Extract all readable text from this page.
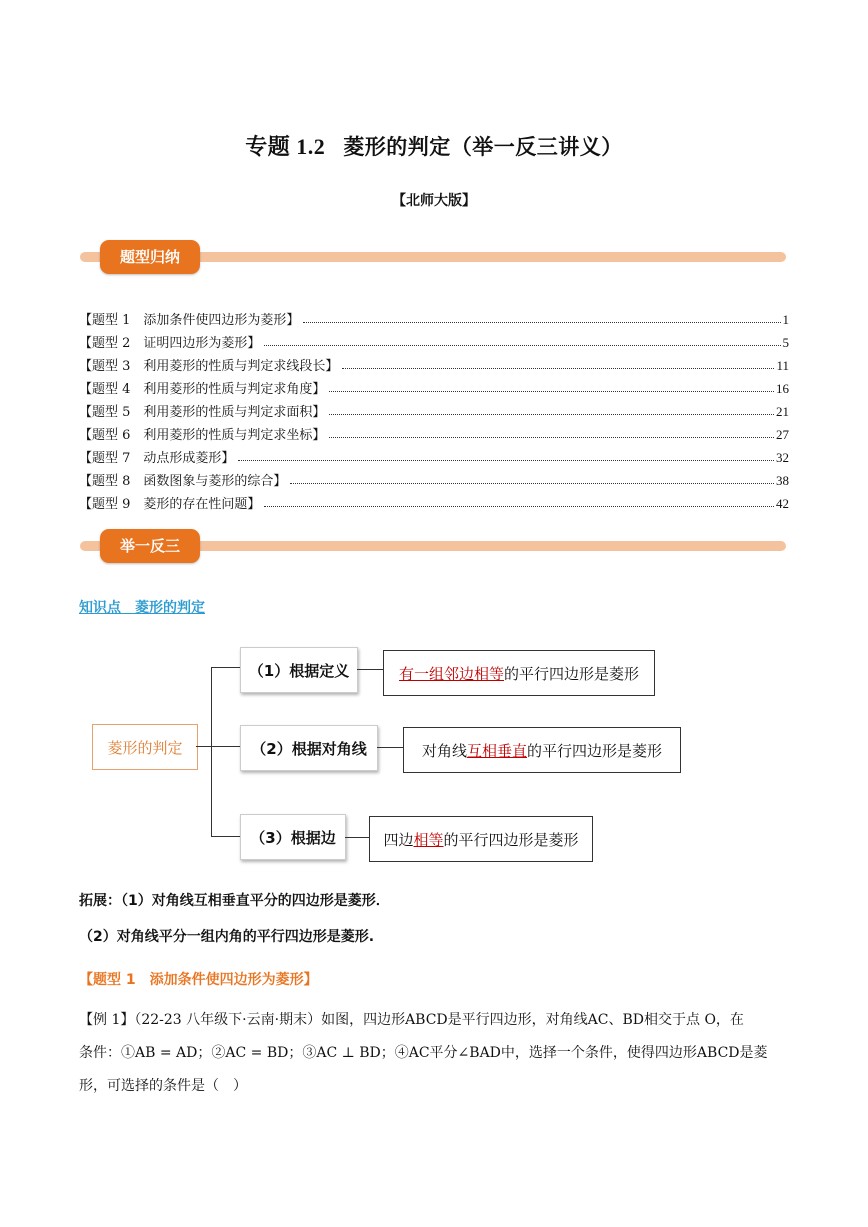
专题 1.2 菱形的判定（举一反三讲义）
【北师大版】
题型归纳
【题型 1　添加条件使四边形为菱形】	1
【题型 2　证明四边形为菱形】	5
【题型 3　利用菱形的性质与判定求线段长】	11
【题型 4　利用菱形的性质与判定求角度】	16
【题型 5　利用菱形的性质与判定求面积】	21
【题型 6　利用菱形的性质与判定求坐标】	27
【题型 7　动点形成菱形】	32
【题型 8　函数图象与菱形的综合】	38
【题型 9　菱形的存在性问题】	42
举一反三
知识点　菱形的判定
菱形的判定
（1）根据定义	有一组邻边相等 的平行四边形是菱形
（2）根据对角线	对角线 互相垂直 的平行四边形是菱形
（3）根据边	四边 相等 的平行四边形是菱形
拓展：（1）对角线互相垂直平分的四边形是菱形．
（2）对角线平分一组内角的平行四边形是菱形.
【题型 1　添加条件使四边形为菱形】
【例 1】（22-23 八年级下·云南·期末）如图，四边形ABCD是平行四边形，对角线AC、BD相交于点 O，在
条件：①AB = AD；②AC = BD；③AC ⊥ BD；④AC平分∠BAD中，选择一个条件，使得四边形ABCD是菱
形，可选择的条件是（　）
